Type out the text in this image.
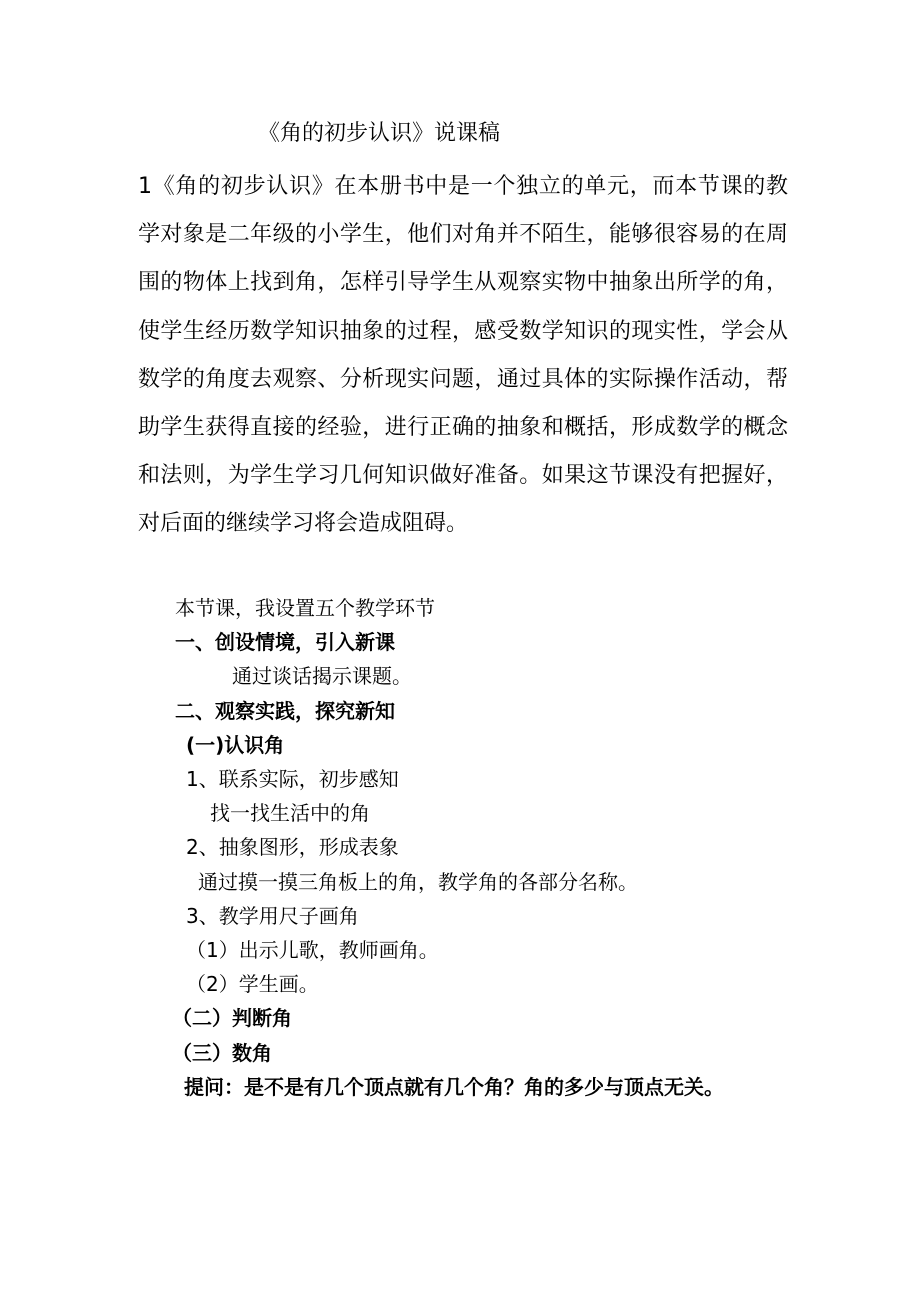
《角的初步认识》说课稿

1《角的初步认识》在本册书中是一个独立的单元，而本节课的教学对象是二年级的小学生，他们对角并不陌生，能够很容易的在周围的物体上找到角，怎样引导学生从观察实物中抽象出所学的角，使学生经历数学知识抽象的过程，感受数学知识的现实性，学会从数学的角度去观察、分析现实问题，通过具体的实际操作活动，帮助学生获得直接的经验，进行正确的抽象和概括，形成数学的概念和法则，为学生学习几何知识做好准备。如果这节课没有把握好，对后面的继续学习将会造成阻碍。

本节课，我设置五个教学环节
一、创设情境，引入新课
通过谈话揭示课题。
二、观察实践，探究新知
(一)认识角
1、联系实际，初步感知
找一找生活中的角
2、抽象图形，形成表象
通过摸一摸三角板上的角，教学角的各部分名称。
3、教学用尺子画角
（1）出示儿歌，教师画角。
（2）学生画。
（二）判断角
（三）数角
提问：是不是有几个顶点就有几个角？角的多少与顶点无关。
